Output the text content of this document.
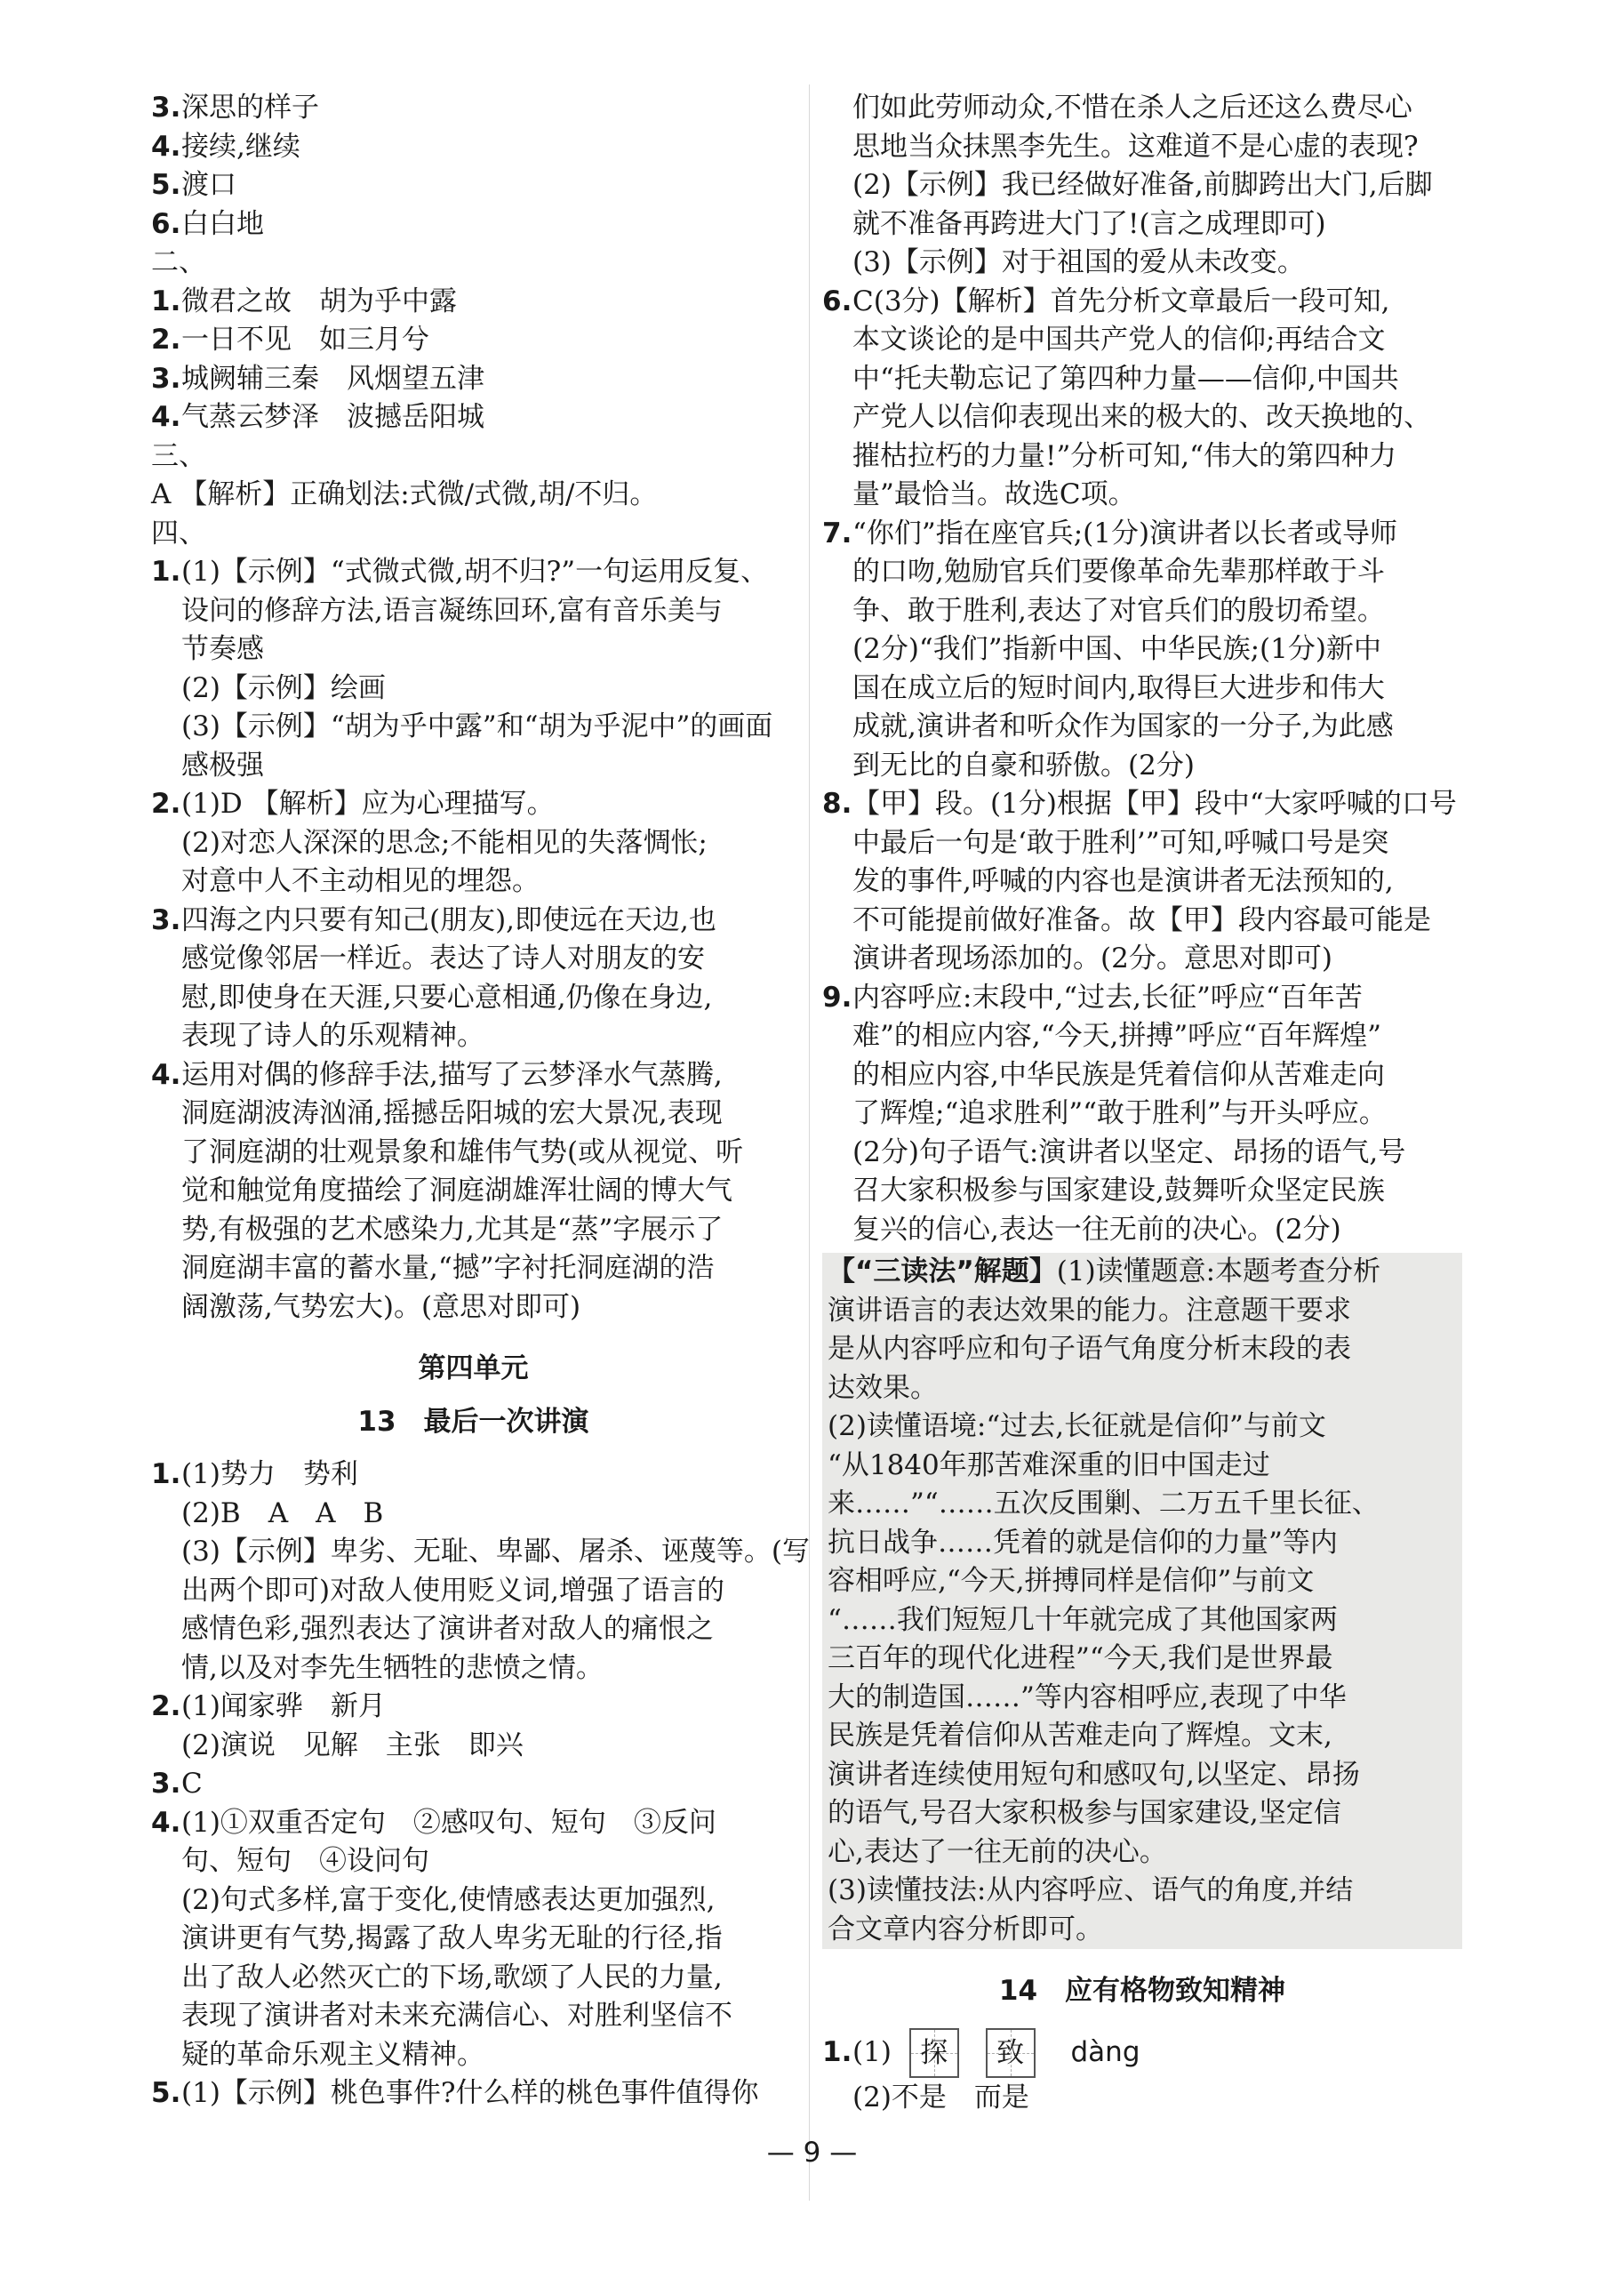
3.深思的样子
4.接续,继续
5.渡口
6.白白地
二、
1.微君之故　胡为乎中露
2.一日不见　如三月兮
3.城阙辅三秦　风烟望五津
4.气蒸云梦泽　波撼岳阳城
三、
A 【解析】正确划法:式微/式微,胡/不归。
四、
1.(1)【示例】“式微式微,胡不归?”一句运用反复、
设问的修辞方法,语言凝练回环,富有音乐美与
节奏感
(2)【示例】绘画
(3)【示例】“胡为乎中露”和“胡为乎泥中”的画面
感极强
2.(1)D 【解析】应为心理描写。
(2)对恋人深深的思念;不能相见的失落惆怅;
对意中人不主动相见的埋怨。
3.四海之内只要有知己(朋友),即使远在天边,也
感觉像邻居一样近。表达了诗人对朋友的安
慰,即使身在天涯,只要心意相通,仍像在身边,
表现了诗人的乐观精神。
4.运用对偶的修辞手法,描写了云梦泽水气蒸腾,
洞庭湖波涛汹涌,摇撼岳阳城的宏大景况,表现
了洞庭湖的壮观景象和雄伟气势(或从视觉、听
觉和触觉角度描绘了洞庭湖雄浑壮阔的博大气
势,有极强的艺术感染力,尤其是“蒸”字展示了
洞庭湖丰富的蓄水量,“撼”字衬托洞庭湖的浩
阔激荡,气势宏大)。(意思对即可)
第四单元
13　最后一次讲演
1.(1)势力　势利
(2)B　A　A　B
(3)【示例】卑劣、无耻、卑鄙、屠杀、诬蔑等。(写
出两个即可)对敌人使用贬义词,增强了语言的
感情色彩,强烈表达了演讲者对敌人的痛恨之
情,以及对李先生牺牲的悲愤之情。
2.(1)闻家骅　新月
(2)演说　见解　主张　即兴
3.C
4.(1)①双重否定句　②感叹句、短句　③反问
句、短句　④设问句
(2)句式多样,富于变化,使情感表达更加强烈,
演讲更有气势,揭露了敌人卑劣无耻的行径,指
出了敌人必然灭亡的下场,歌颂了人民的力量,
表现了演讲者对未来充满信心、对胜利坚信不
疑的革命乐观主义精神。
5.(1)【示例】桃色事件?什么样的桃色事件值得你
们如此劳师动众,不惜在杀人之后还这么费尽心
思地当众抹黑李先生。这难道不是心虚的表现?
(2)【示例】我已经做好准备,前脚跨出大门,后脚
就不准备再跨进大门了!(言之成理即可)
(3)【示例】对于祖国的爱从未改变。
6.C(3分)【解析】首先分析文章最后一段可知,
本文谈论的是中国共产党人的信仰;再结合文
中“托夫勒忘记了第四种力量——信仰,中国共
产党人以信仰表现出来的极大的、改天换地的、
摧枯拉朽的力量!”分析可知,“伟大的第四种力
量”最恰当。故选C项。
7.“你们”指在座官兵;(1分)演讲者以长者或导师
的口吻,勉励官兵们要像革命先辈那样敢于斗
争、敢于胜利,表达了对官兵们的殷切希望。
(2分)“我们”指新中国、中华民族;(1分)新中
国在成立后的短时间内,取得巨大进步和伟大
成就,演讲者和听众作为国家的一分子,为此感
到无比的自豪和骄傲。(2分)
8.【甲】段。(1分)根据【甲】段中“大家呼喊的口号
中最后一句是‘敢于胜利’”可知,呼喊口号是突
发的事件,呼喊的内容也是演讲者无法预知的,
不可能提前做好准备。故【甲】段内容最可能是
演讲者现场添加的。(2分。意思对即可)
9.内容呼应:末段中,“过去,长征”呼应“百年苦
难”的相应内容,“今天,拼搏”呼应“百年辉煌”
的相应内容,中华民族是凭着信仰从苦难走向
了辉煌;“追求胜利”“敢于胜利”与开头呼应。
(2分)句子语气:演讲者以坚定、昂扬的语气,号
召大家积极参与国家建设,鼓舞听众坚定民族
复兴的信心,表达一往无前的决心。(2分)
【“三读法”解题】(1)读懂题意:本题考查分析
演讲语言的表达效果的能力。注意题干要求
是从内容呼应和句子语气角度分析末段的表
达效果。
(2)读懂语境:“过去,长征就是信仰”与前文
“从1840年那苦难深重的旧中国走过
来……”“……五次反围剿、二万五千里长征、
抗日战争……凭着的就是信仰的力量”等内
容相呼应,“今天,拼搏同样是信仰”与前文
“……我们短短几十年就完成了其他国家两
三百年的现代化进程”“今天,我们是世界最
大的制造国……”等内容相呼应,表现了中华
民族是凭着信仰从苦难走向了辉煌。文末,
演讲者连续使用短句和感叹句,以坚定、昂扬
的语气,号召大家积极参与国家建设,坚定信
心,表达了一往无前的决心。
(3)读懂技法:从内容呼应、语气的角度,并结
合文章内容分析即可。
14　应有格物致知精神
1.(1) 探 致 dàng
(2)不是　而是
— 9 —
